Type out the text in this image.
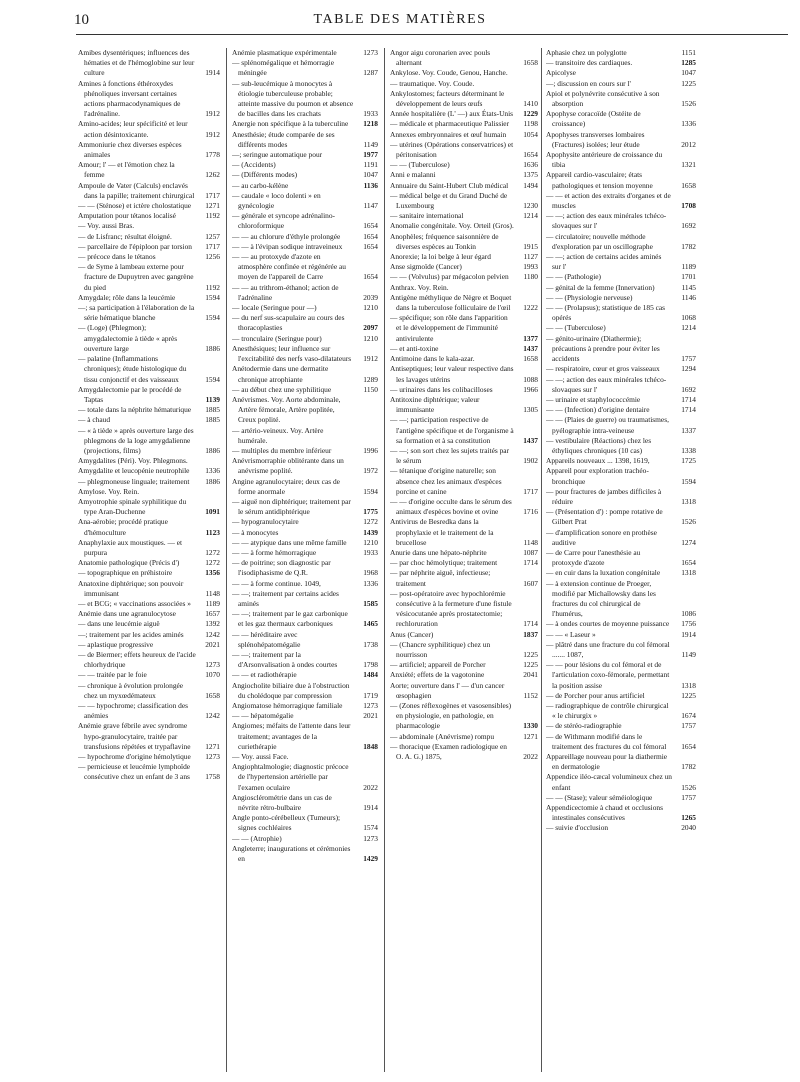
10	TABLE DES MATIÈRES
Amibes dysentériques; influences des hématies et de l'hémoglobine sur leur culture	1914
Amines à fonctions éthéroxydes phénoliques inversant certaines actions pharmacodynamiques de l'adrénaline.	1912
Amino-acides; leur spécificité et leur action désintoxicante.	1912
Ammoniurie chez diverses espèces animales	1778
Amour; l' — et l'émotion chez la femme	1262
Ampoule de Vater (Calculs) enclavés dans la papille; traitement chirurgical 1717
— — (Sténose) et ictère cholostatique 1271
Amputation pour tétanos localisé	1192
— Voy. aussi Bras.
— de Lisfranc; résultat éloigné.	1257
— parcellaire de l'épiploon par torsion 1717
— précoce dans le tétanos	1256
— de Syme à lambeau externe pour fracture de Dupuytren avec gangrène du pied	1192
Amygdale; rôle dans la leucémie	1594
—; sa participation à l'élaboration de la série hématique blanche	1594
— (Loge) (Phlegmon); amygdalectomie à tiède « après ouverture large	1886
— palatine (Inflammations chroniques); étude histologique du tissu conjonctif et des vaisseaux	1594
Amygdalectomie par le procédé de Taptas	1139
— totale dans la néphrite hématurique 1885
— à chaud	1885
— « à tiède » après ouverture large des phlegmons de la loge amygdalienne (projections, films)	1886
Amygdalites (Péri). Voy. Phlegmons.
Amygdalite et leucopénie neutrophile 1336
— phlegmoneuse linguale; traitement 1886
Amylose. Voy. Rein.
Amyotrophie spinale syphilitique du type Aran-Duchenne	1091
Ana-aérobie; procédé pratique d'hémoculture	1123
Anaphylaxie aux moustiques. — et purpura	1272
Anatomie pathologique (Précis d')	1272
— topographique en préhistoire	1356
Anatoxine diphtérique; son pouvoir immunisant	1148
— et BCG; « vaccinations associées » 1189
Anémie dans une agranulocytose	1657
— dans une leucémie aiguë	1392
—; traitement par les acides aminés	1242
— aplastique progressive	2021
— de Biermer; effets heureux de l'acide chlorhydrique	1273
— — traitée par le foie	1070
— chronique à évolution prolongée chez un myxœdémateux	1658
— — hypochrome; classification des anémies	1242
Anémie grave fébrile avec syndrome hypo-granulocytaire, traitée par transfusions répétées et trypaflavine 1271
— hypochrome d'origine hémolytique 1273
— pernicieuse et leucémie lymphoïde consécutive chez un enfant de 3 ans 1758
Anémie plasmatique expérimentale	1273
— splénomégalique et hémorragie méningée	1287
— sub-leucémique à monocytes à étiologie tuberculeuse probable; atteinte massive du poumon et absence de bacilles dans les crachats	1933
Anergie non spécifique à la tuberculine 1218
Anesthésie; étude comparée de ses différents modes	1149
—; seringue automatique pour	1977
— (Accidents)	1191
— (Différents modes)	1047
— au carbo-kélène	1136
— caudale « loco dolenti » en gynécologie	1147
— générale et syncope adrénalino-chloroformique	1654
— — au chlorure d'éthyle prolongée	1654
— — à l'évipan sodique intraveineux	1654
— — au protoxyde d'azote en atmosphère confinée et régénérée au moyen de l'appareil de Carre	1654
— — au trithrom-éthanol; action de l'adrénaline	2039
— locale (Seringue pour —)	1210
— du nerf sus-scapulaire au cours des thoracoplasties	2097
— tronculaire (Seringue pour)	1210
Anesthésiques; leur influence sur l'excitabilité des nerfs vaso-dilatateurs 1912
Anétodermie dans une dermatite chronique atrophiante	1289
— au début chez une syphilitique	1150
Anévrismes. Voy. Aorte abdominale, Artère fémorale, Artère poplitée, Creux poplité.
— artério-veineux. Voy. Artère humérale.
— multiples du membre inférieur	1996
Anévrismorraphie oblitérante dans un anévrisme poplité.	1972
Angine agranulocytaire; deux cas de forme anormale	1594
— aiguë non diphtérique; traitement par le sérum antidiphtérique	1775
— hypogranulocytaire	1272
— à monocytes	1439
— — atypique dans une même famille 1210
— — à forme hémorragique	1933
— de poitrine; son diagnostic par l'isodiphasisme de Q.R.	1968
— — à forme continue. 1049,	1336
— —; traitement par certains acides aminés	1585
— —; traitement par le gaz carbonique et les gaz thermaux carboniques	1465
— — héréditaire avec splénohépatomégalie	1738
— —; traitement par la d'Arsonvalisation à ondes courtes	1798
— — et radiothérapie	1484
Angiocholite biliaire due à l'obstruction du cholédoque par compression	1719
Angiomatose hémorragique familiale	1273
— — hépatomégalie	2021
Angiomes; méfaits de l'attente dans leur traitement; avantages de la curiethérapie	1848
— Voy. aussi Face.
Angiophtalmologie; diagnostic précoce de l'hypertension artérielle par l'examen oculaire	2022
Angiosclérométrie dans un cas de névrite rétro-bulbaire	1914
Angle ponto-cérébelleux (Tumeurs); signes cochléaires	1574
— — (Atrophie)	1273
Angleterre; inaugurations et cérémonies en	1429
Angor aigu coronarien avec pouls alternant	1658
Ankylose. Voy. Coude, Genou, Hanche.
— traumatique. Voy. Coude.
Ankylostomes; facteurs déterminant le développement de leurs œufs	1410
Année hospitalière (L' —) aux États-Unis 1229
— médicale et pharmaceutique Palissier 1198
Annexes embryonnaires et œuf humain 1054
— utérines (Opérations conservatrices) et péritonisation	1654
— — (Tuberculose)	1636
Anni e malanni	1375
Annuaire du Saint-Hubert Club médical 1494
— médical belge et du Grand Duché de Luxembourg	1230
— sanitaire international	1214
Anomalie congénitale. Voy. Orteil (Gros).
Anophèles; fréquence saisonnière de diverses espèces au Tonkin	1915
Anorexie; la loi belge à leur égard	1127
Anse sigmoïde (Cancer)	1993
— — (Volvulus) par mégacolon pelvien 1180
Anthrax. Voy. Rein.
Antigène méthylique de Nègre et Boquet dans la tuberculose folliculaire de l'œil 1222
— spécifique; son rôle dans l'apparition et le développement de l'immunité antivirulente	1377
— et anti-toxine	1437
Antimoine dans le kala-azar.	1658
Antiseptiques; leur valeur respective dans les lavages utérins	1088
— urinaires dans les colibacilloses	1966
Antitoxine diphtérique; valeur immunisante	1305
— —; participation respective de l'antigène spécifique et de l'organisme à sa formation et à sa constitution	1437
— —; son sort chez les sujets traités par le sérum	1902
— tétanique d'origine naturelle; son absence chez les animaux d'espèces porcine et canine	1717
— — d'origine occulte dans le sérum des animaux d'espèces bovine et ovine	1716
Antivirus de Besredka dans la prophylaxie et le traitement de la brucellose	1148
Anurie dans une hépato-néphrite	1087
— par choc hémolytique; traitement	1714
— par néphrite aiguë, infectieuse; traitement	1607
— post-opératoire avec hypochlorémie consécutive à la fermeture d'une fistule vésicocutanée après prostatectomie; rechloruration	1714
Anus (Cancer)	1837
— (Chancre syphilitique) chez un nourrisson	1225
— artificiel; appareil de Porcher	1225
Anxiété; effets de la vagotonine	2041
Aorte; ouverture dans l' — d'un cancer œsophagien	1152
— (Zones réflexogènes et vasosensibles) en physiologie, en pathologie, en pharmacologie	1330
— abdominale (Anévrisme) rompu	1271
— thoracique (Examen radiologique en O. A. G.) 1875,	2022
Aphasie chez un polyglotte	1151
— transitoire des cardiaques.	1285
Apicolyse	1047
—; discussion en cours sur l'	1225
Apiol et polynévrite consécutive à son absorption	1526
Apophyse coracoïde (Ostéite de croissance)	1336
Apophyses transverses lombaires (Fractures) isolées; leur étude	2012
Apophysite antérieure de croissance du tibia	1321
Appareil cardio-vasculaire; états pathologiques et tension moyenne	1658
— — et action des extraits d'organes et de muscles	1708
— —; action des eaux minérales tchéco-slovaques sur l'	1692
— circulatoire; nouvelle méthode d'exploration par un oscillographe	1782
— —; action de certains acides aminés sur l'	1189
— — (Pathologie)	1701
— génital de la femme (Innervation)	1145
— — (Physiologie nerveuse)	1146
— — (Prolapsus); statistique de 185 cas opérés	1068
— — (Tuberculose)	1214
— génito-urinaire (Diathermie); précautions à prendre pour éviter les accidents	1757
— respiratoire, cœur et gros vaisseaux	1294
— —; action des eaux minérales tchéco-slovaques sur l'	1692
— urinaire et staphylococcémie	1714
— — (Infection) d'origine dentaire	1714
— — (Plaies de guerre) ou traumatismes, pyélographie intra-veineuse	1337
— vestibulaire (Réactions) chez les éthyliques chroniques (10 cas)	1338
Appareils nouveaux ... 1398, 1619,	1725
Appareil pour exploration trachéo-bronchique	1594
— pour fractures de jambes difficiles à réduire	1318
— (Présentation d') : pompe rotative de Gilbert Prat	1526
— d'amplification sonore en prothèse auditive	1274
— de Carre pour l'anesthésie au protoxyde d'azote	1654
— en cuir dans la luxation congénitale	1318
— à extension continue de Proeger, modifié par Michaïlowsky dans les fractures du col chirurgical de l'humérus,	1086
— à ondes courtes de moyenne puissance 1756
— — « Laseur »	1914
— plâtré dans une fracture du col fémoral ....... 1087,	1149
— — pour lésions du col fémoral et de l'articulation coxo-fémorale, permettant la position assise	1318
— de Porcher pour anus artificiel	1225
— radiographique de contrôle chirurgical « le chirurgix »	1674
— de stéréo-radiographie	1757
— de Withmann modifié dans le traitement des fractures du col fémoral 1654
Appareillage nouveau pour la diathermie en dermatologie	1782
Appendice iléo-cæcal volumineux chez un enfant	1526
— — (Stase); valeur séméiologique	1757
Appendicectomie à chaud et occlusions intestinales consécutives	1265
— suivie d'occlusion	2040
